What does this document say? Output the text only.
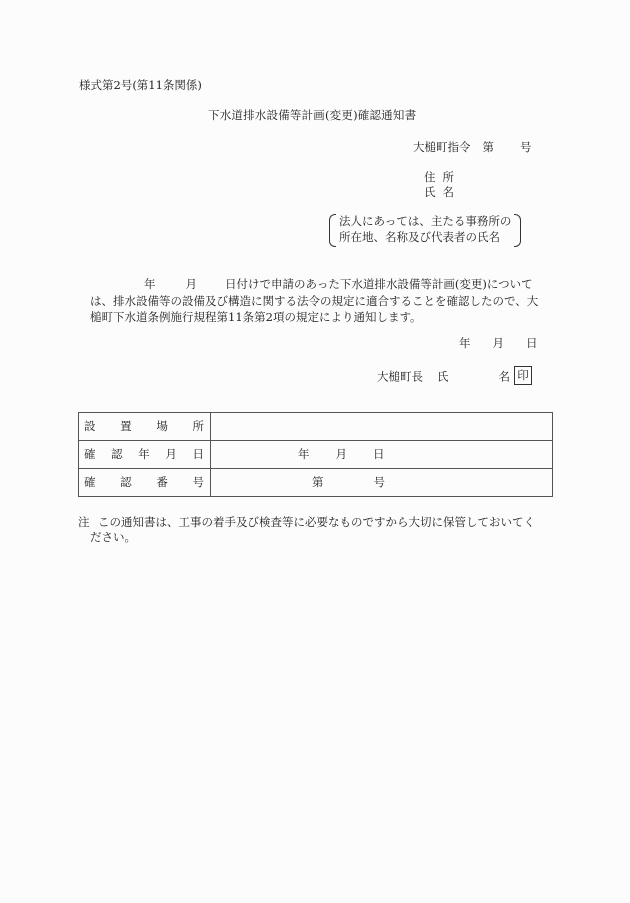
様式第2号(第11条関係)
下水道排水設備等計画(変更)確認通知書
大槌町指令 第 号
住所
氏名
法人にあっては、主たる事務所の
所在地、名称及び代表者の氏名
年	月 日付けで申請のあった下水道排水設備等計画(変更)について
は、排水設備等の設備及び構造に関する法令の規定に適合することを確認したので、大
槌町下水道条例施行規程第11条第2項の規定により通知します。
年 月 日
大槌町長 氏	名 印
設 置 場 所	

確 認 年 月 日	年 月 日

確 認 番 号	第 号
注 この通知書は、工事の着手及び検査等に必要なものですから大切に保管しておいてく
ださい。
